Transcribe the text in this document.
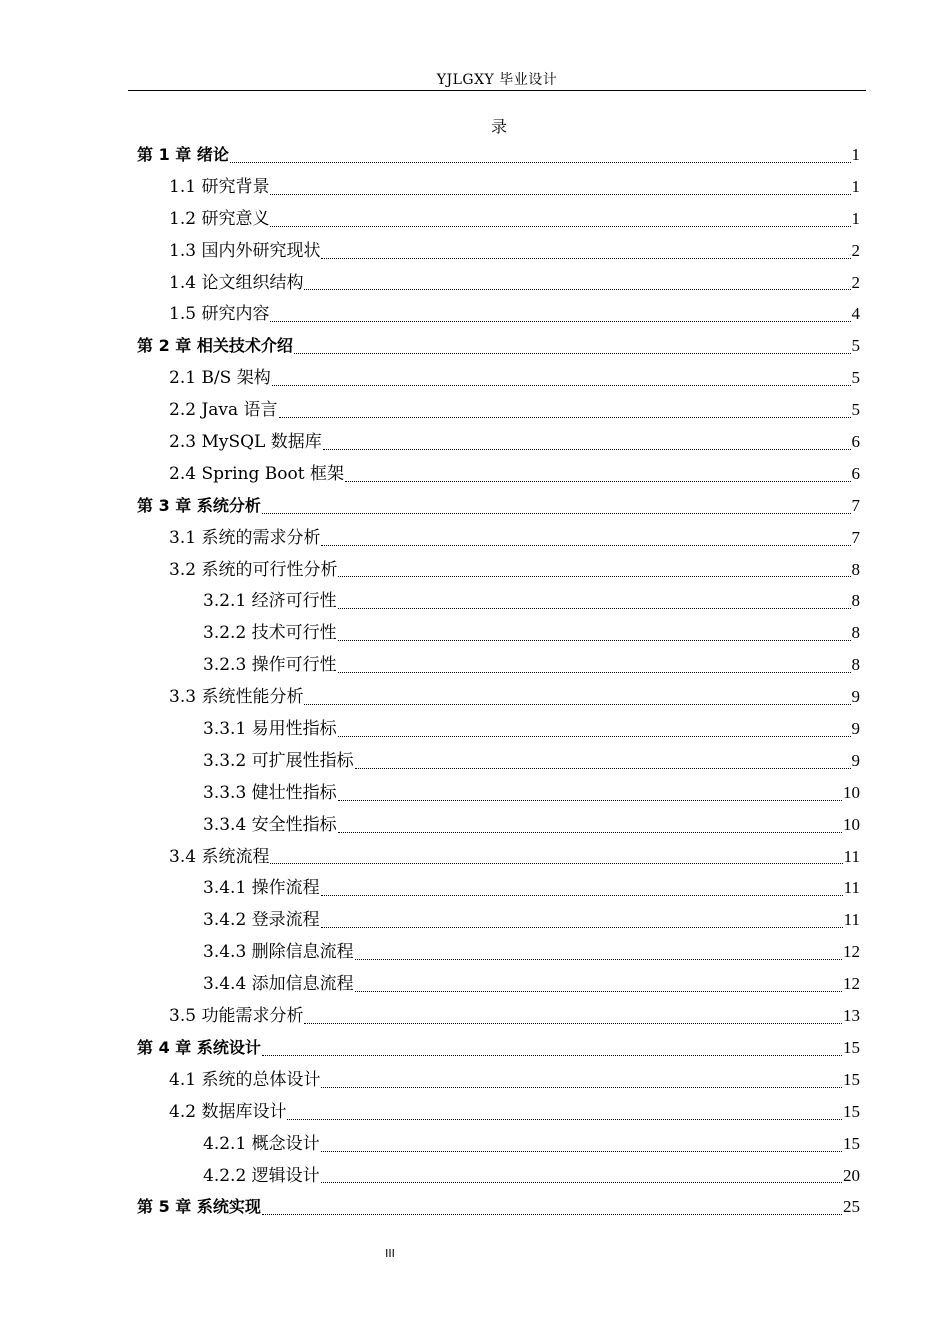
YJLGXY 毕业设计
录
第 1 章 绪论	1
1.1 研究背景	1
1.2 研究意义	1
1.3 国内外研究现状	2
1.4 论文组织结构	2
1.5 研究内容	4
第 2 章 相关技术介绍	5
2.1 B/S 架构	5
2.2 Java 语言	5
2.3 MySQL 数据库	6
2.4 Spring Boot 框架	6
第 3 章 系统分析	7
3.1 系统的需求分析	7
3.2 系统的可行性分析	8
3.2.1 经济可行性	8
3.2.2 技术可行性	8
3.2.3 操作可行性	8
3.3 系统性能分析	9
3.3.1 易用性指标	9
3.3.2 可扩展性指标	9
3.3.3 健壮性指标	10
3.3.4 安全性指标	10
3.4 系统流程	11
3.4.1 操作流程	11
3.4.2 登录流程	11
3.4.3 删除信息流程	12
3.4.4 添加信息流程	12
3.5 功能需求分析	13
第 4 章 系统设计	15
4.1 系统的总体设计	15
4.2 数据库设计	15
4.2.1 概念设计	15
4.2.2 逻辑设计	20
第 5 章 系统实现	25
III
